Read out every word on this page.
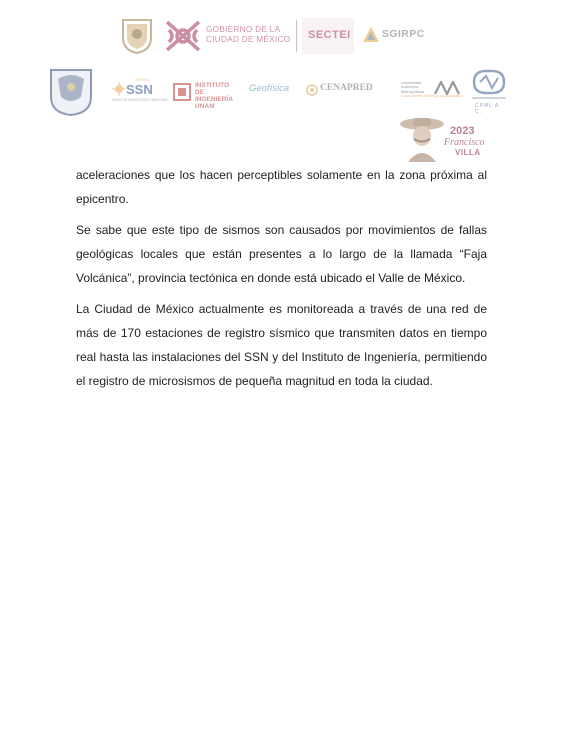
GOBIERNO DE LA
CIUDAD DE MÉXICO SECTEI	SGIRPC
MÉXICO
SSN
SERVICIO SISMOLÓGICO NACIONAL
INSTITUTO
DE INGENIERÍA
UNAM
Geofísica	CENAPRED	Universidad
Autónoma
Metropolitana
Casa abierta al tiempo Azcapotzalco
CPML A. C.
2023
Francisco
VILLA

aceleraciones que los hacen perceptibles solamente en la zona próxima al epicentro.

Se sabe que este tipo de sismos son causados por movimientos de fallas geológicas locales que están presentes a lo largo de la llamada “Faja Volcánica”, provincia tectónica en donde está ubicado el Valle de México.

La Ciudad de México actualmente es monitoreada a través de una red de más de 170 estaciones de registro sísmico que transmiten datos en tiempo real hasta las instalaciones del SSN y del Instituto de Ingeniería, permitiendo el registro de microsismos de pequeña magnitud en toda la ciudad.
